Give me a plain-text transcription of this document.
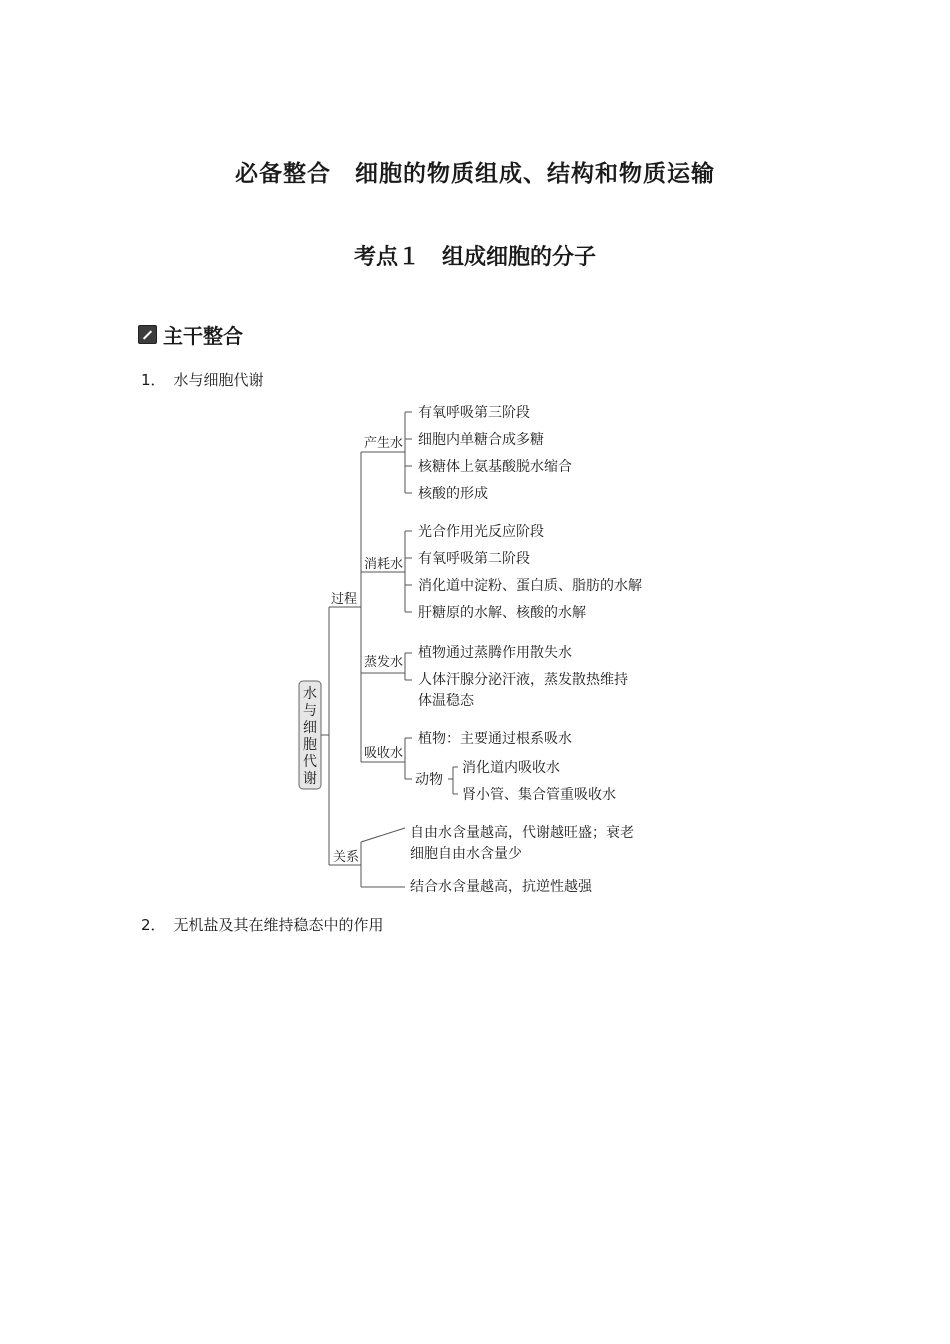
必备整合　细胞的物质组成、结构和物质运输
考点１　组成细胞的分子
主干整合
1． 水与细胞代谢
2． 无机盐及其在维持稳态中的作用
水
与
细
胞
代
谢
过程
关系
自由水含量越高，代谢越旺盛；衰老
细胞自由水含量少
结合水含量越高，抗逆性越强
产生水
有氧呼吸第三阶段
细胞内单糖合成多糖
核糖体上氨基酸脱水缩合
核酸的形成
消耗水
光合作用光反应阶段
有氧呼吸第二阶段
消化道中淀粉、蛋白质、脂肪的水解
肝糖原的水解、核酸的水解
蒸发水
植物通过蒸腾作用散失水
人体汗腺分泌汗液，蒸发散热维持
体温稳态
吸收水
植物：主要通过根系吸水
动物
消化道内吸收水
肾小管、集合管重吸收水
